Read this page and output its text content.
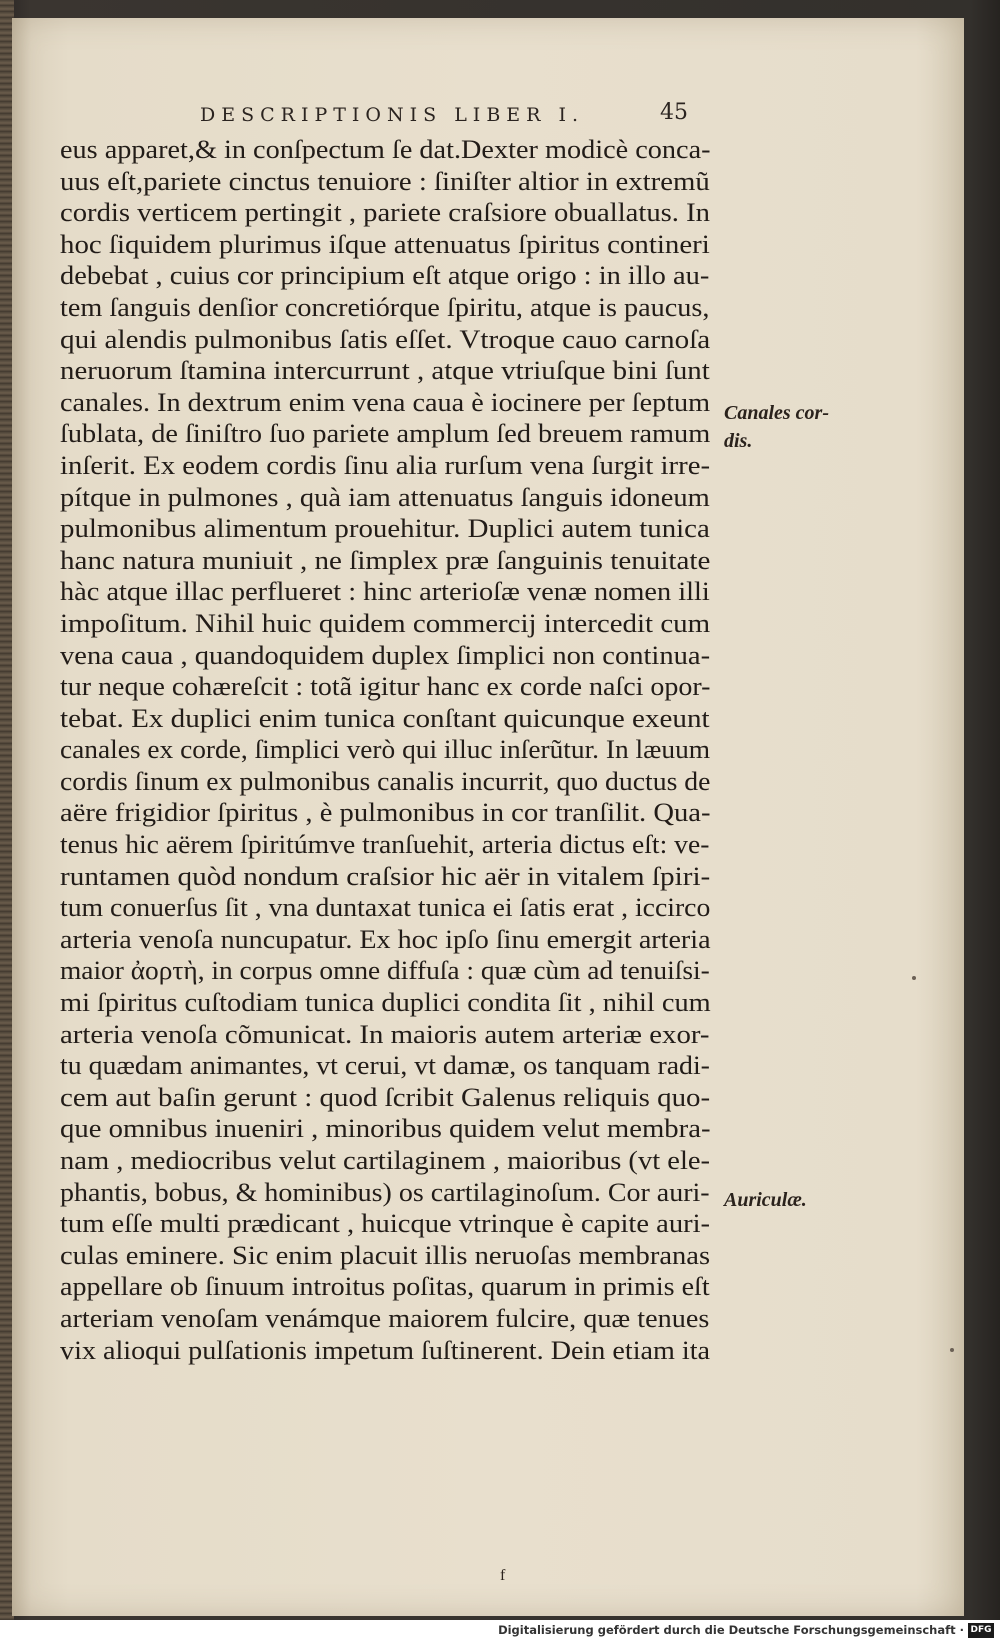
DESCRIPTIONIS LIBER I.	45
eus apparet,& in conſpectum ſe dat.Dexter modicè conca-
uus eſt,pariete cinctus tenuiore : ſiniſter altior in extremũ
cordis verticem pertingit , pariete craſsiore obuallatus. In
hoc ſiquidem plurimus iſque attenuatus ſpiritus contineri
debebat , cuius cor principium eſt atque origo : in illo au-
tem ſanguis denſior concretiórque ſpiritu, atque is paucus,
qui alendis pulmonibus ſatis eſſet. Vtroque cauo carnoſa
neruorum ſtamina intercurrunt , atque vtriuſque bini ſunt
canales. In dextrum enim vena caua è iocinere per ſeptum
ſublata, de ſiniſtro ſuo pariete amplum ſed breuem ramum
inſerit. Ex eodem cordis ſinu alia rurſum vena ſurgit irre-
pítque in pulmones , quà iam attenuatus ſanguis idoneum
pulmonibus alimentum prouehitur. Duplici autem tunica
hanc natura muniuit , ne ſimplex præ ſanguinis tenuitate
hàc atque illac perflueret : hinc arterioſæ venæ nomen illi
impoſitum. Nihil huic quidem commercij intercedit cum
vena caua , quandoquidem duplex ſimplici non continua-
tur neque cohæreſcit : totã igitur hanc ex corde naſci opor-
tebat. Ex duplici enim tunica conſtant quicunque exeunt
canales ex corde, ſimplici verò qui illuc inſerũtur. In læuum
cordis ſinum ex pulmonibus canalis incurrit, quo ductus de
aëre frigidior ſpiritus , è pulmonibus in cor tranſilit. Qua-
tenus hic aërem ſpiritúmve tranſuehit, arteria dictus eſt: ve-
runtamen quòd nondum craſsior hic aër in vitalem ſpiri-
tum conuerſus ſit , vna duntaxat tunica ei ſatis erat , iccirco
arteria venoſa nuncupatur. Ex hoc ipſo ſinu emergit arteria
maior ἀορτὴ, in corpus omne diffuſa : quæ cùm ad tenuiſsi-
mi ſpiritus cuſtodiam tunica duplici condita ſit , nihil cum
arteria venoſa cõmunicat. In maioris autem arteriæ exor-
tu quædam animantes, vt cerui, vt damæ, os tanquam radi-
cem aut baſin gerunt : quod ſcribit Galenus reliquis quo-
que omnibus inueniri , minoribus quidem velut membra-
nam , mediocribus velut cartilaginem , maioribus (vt ele-
phantis, bobus, & hominibus) os cartilaginoſum. Cor auri-
tum eſſe multi prædicant , huicque vtrinque è capite auri-
culas eminere. Sic enim placuit illis neruoſas membranas
appellare ob ſinuum introitus poſitas, quarum in primis eſt
arteriam venoſam venámque maiorem fulcire, quæ tenues
vix alioqui pulſationis impetum ſuſtinerent. Dein etiam ita
Canales cor-
dis.
Auriculæ.
f
Digitalisierung gefördert durch die Deutsche Forschungsgemeinschaft · DFG
